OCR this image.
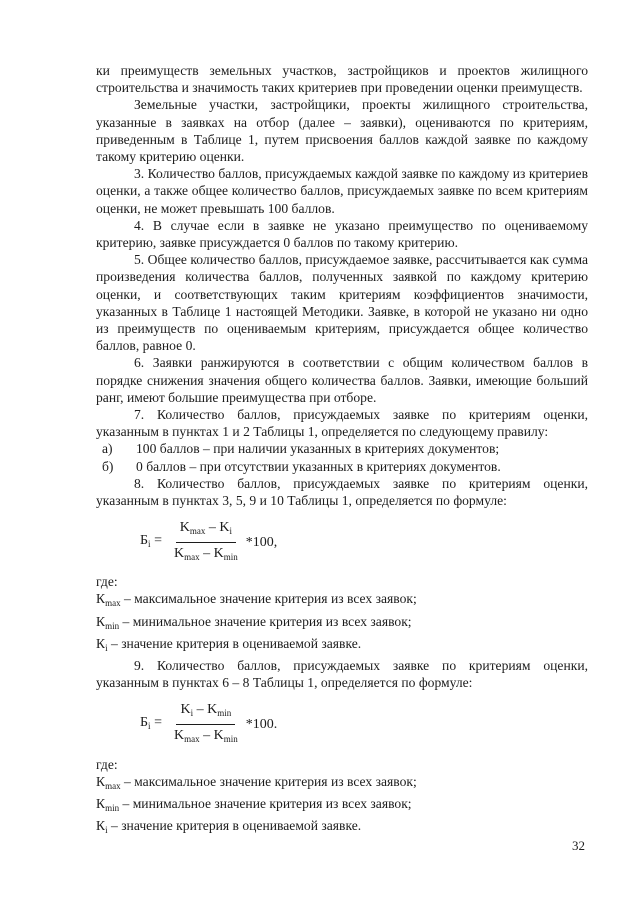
ки преимуществ земельных участков, застройщиков и проектов жилищного строительства и значимость таких критериев при проведении оценки преимуществ.

Земельные участки, застройщики, проекты жилищного строительства, указанные в заявках на отбор (далее – заявки), оцениваются по критериям, приведенным в Таблице 1, путем присвоения баллов каждой заявке по каждому такому критерию оценки.

3. Количество баллов, присуждаемых каждой заявке по каждому из критериев оценки, а также общее количество баллов, присуждаемых заявке по всем критериям оценки, не может превышать 100 баллов.

4. В случае если в заявке не указано преимущество по оцениваемому критерию, заявке присуждается 0 баллов по такому критерию.

5. Общее количество баллов, присуждаемое заявке, рассчитывается как сумма произведения количества баллов, полученных заявкой по каждому критерию оценки, и соответствующих таким критериям коэффициентов значимости, указанных в Таблице 1 настоящей Методики. Заявке, в которой не указано ни одно из преимуществ по оцениваемым критериям, присуждается общее количество баллов, равное 0.

6. Заявки ранжируются в соответствии с общим количеством баллов в порядке снижения значения общего количества баллов. Заявки, имеющие больший ранг, имеют большие преимущества при отборе.

7. Количество баллов, присуждаемых заявке по критериям оценки, указанным в пунктах 1 и 2 Таблицы 1, определяется по следующему правилу:

а)	100 баллов – при наличии указанных в критериях документов;
б)	0 баллов – при отсутствии указанных в критериях документов.

8. Количество баллов, присуждаемых заявке по критериям оценки, указанным в пунктах 3, 5, 9 и 10 Таблицы 1, определяется по формуле:

$Б_i = \frac{K_{max} - K_i}{K_{max} - K_{min}} *100$,

где:

$К_{max}$ – максимальное значение критерия из всех заявок;

$К_{min}$ – минимальное значение критерия из всех заявок;

$К_i$ – значение критерия в оцениваемой заявке.

9. Количество баллов, присуждаемых заявке по критериям оценки, указанным в пунктах 6 – 8 Таблицы 1, определяется по формуле:

$Б_i = \frac{K_i - K_{min}}{K_{max} - K_{min}} *100$.

где:

$К_{max}$ – максимальное значение критерия из всех заявок;

$К_{min}$ – минимальное значение критерия из всех заявок;

$К_i$ – значение критерия в оцениваемой заявке.

32
